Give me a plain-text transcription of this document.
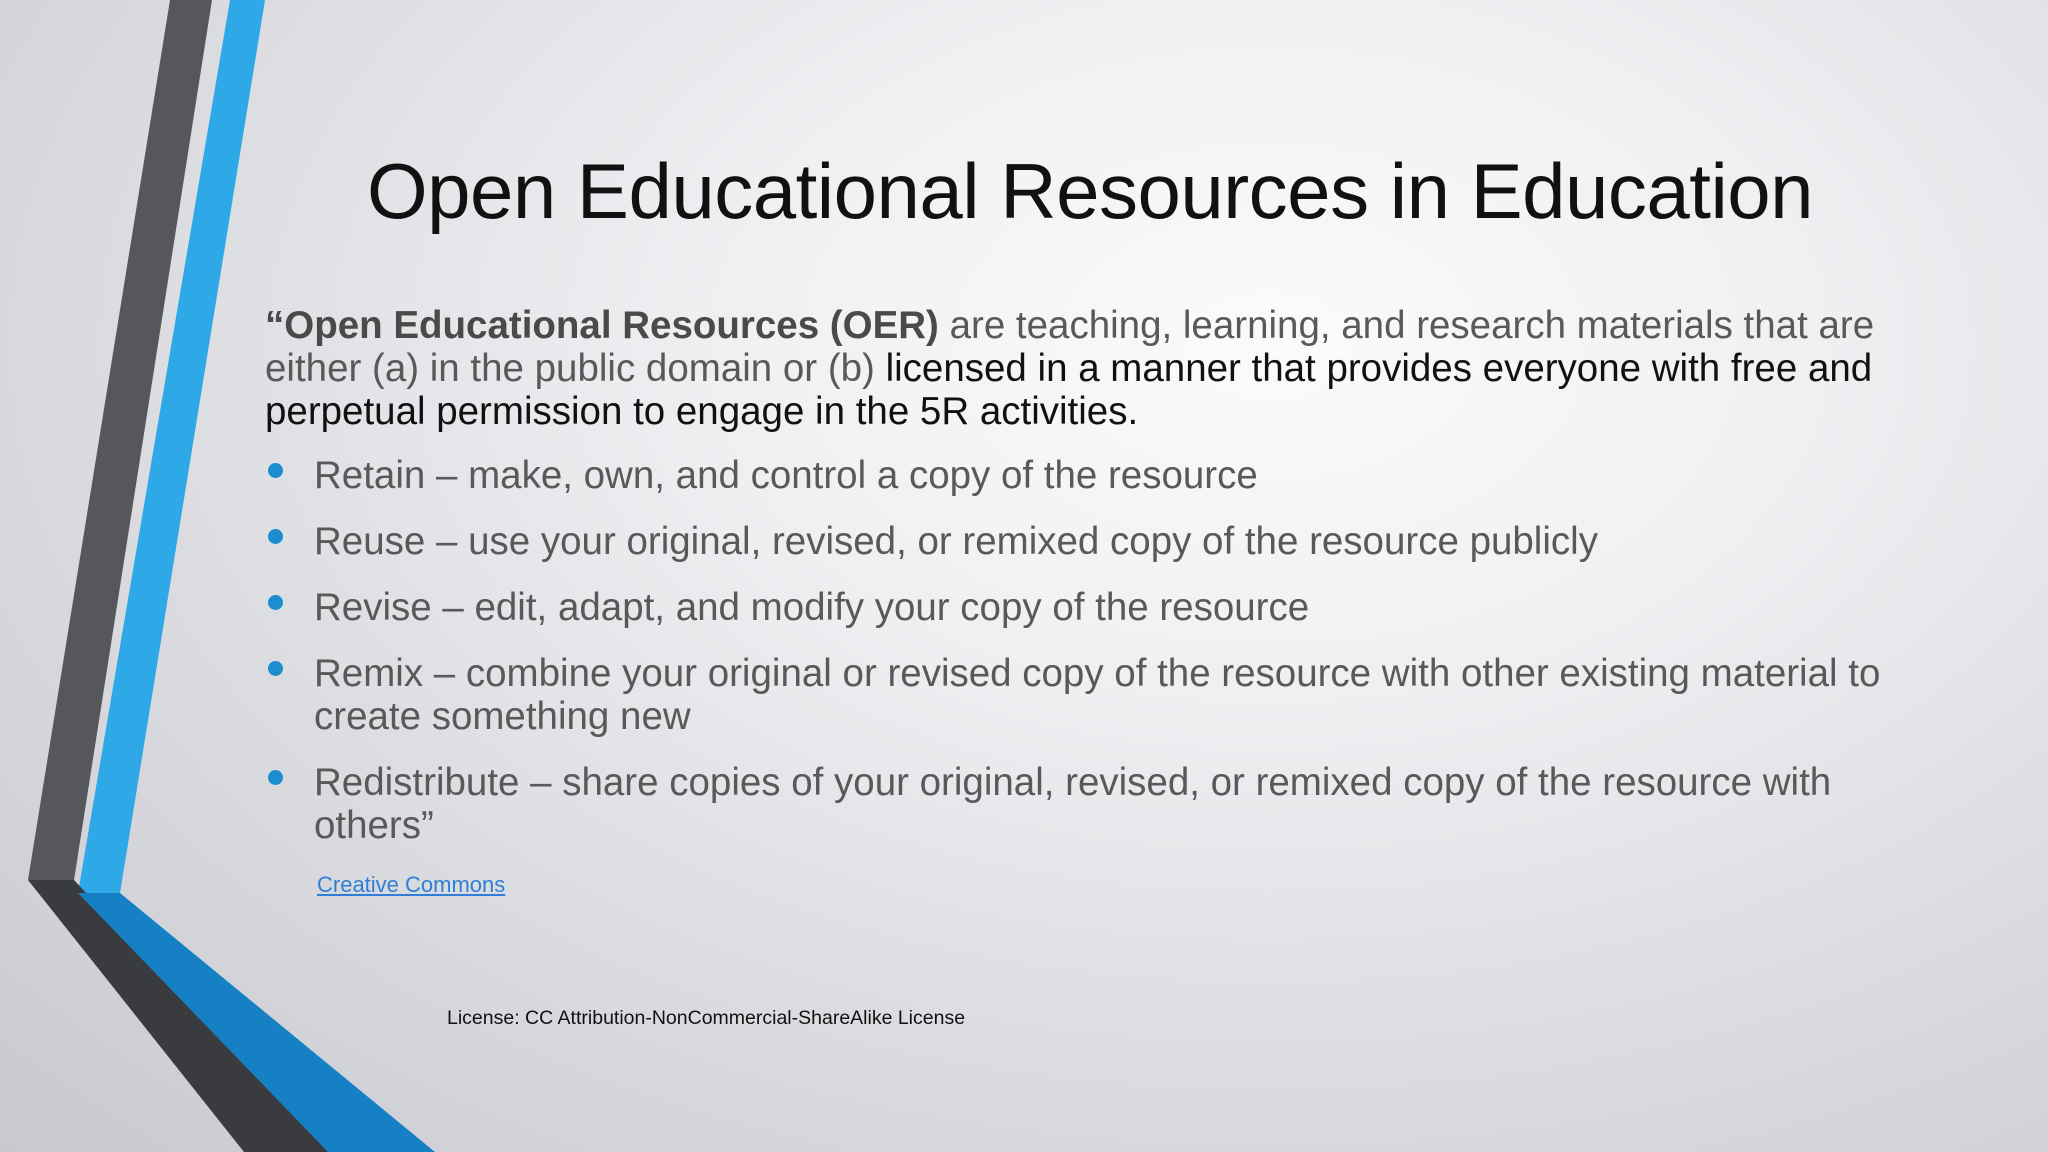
Open Educational Resources in Education
“Open Educational Resources (OER) are teaching, learning, and research materials that are either (a) in the public domain or (b) licensed in a manner that provides everyone with free and perpetual permission to engage in the 5R activities.
Retain – make, own, and control a copy of the resource
Reuse – use your original, revised, or remixed copy of the resource publicly
Revise – edit, adapt, and modify your copy of the resource
Remix – combine your original or revised copy of the resource with other existing material to create something new
Redistribute – share copies of your original, revised, or remixed copy of the resource with others”
Creative Commons
License: CC Attribution-NonCommercial-ShareAlike License
